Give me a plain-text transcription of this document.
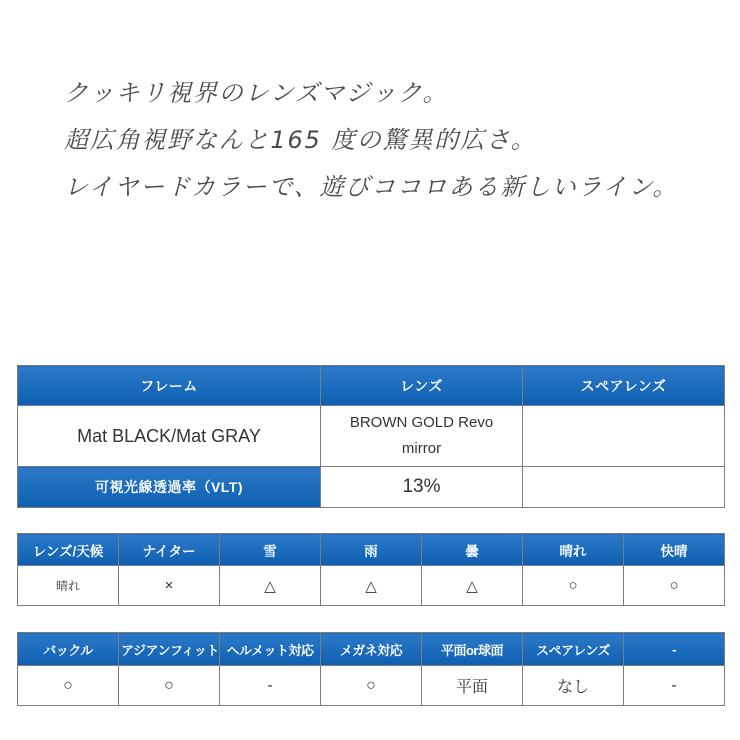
クッキリ視界のレンズマジック。
超広角視野なんと165 度の驚異的広さ。
レイヤードカラーで、遊びココロある新しいライン。
フレーム	レンズ	スペアレンズ
Mat BLACK/Mat GRAY	BROWN GOLD Revo
mirror	
可視光線透過率（VLT)	13%	
レンズ/天候	ナイター	雪	雨	曇	晴れ	快晴
晴れ	×	△	△	△	○	○
バックル	アジアンフィット	ヘルメット対応	メガネ対応	平面or球面	スペアレンズ	-
○	○	-	○	平面	なし	-
